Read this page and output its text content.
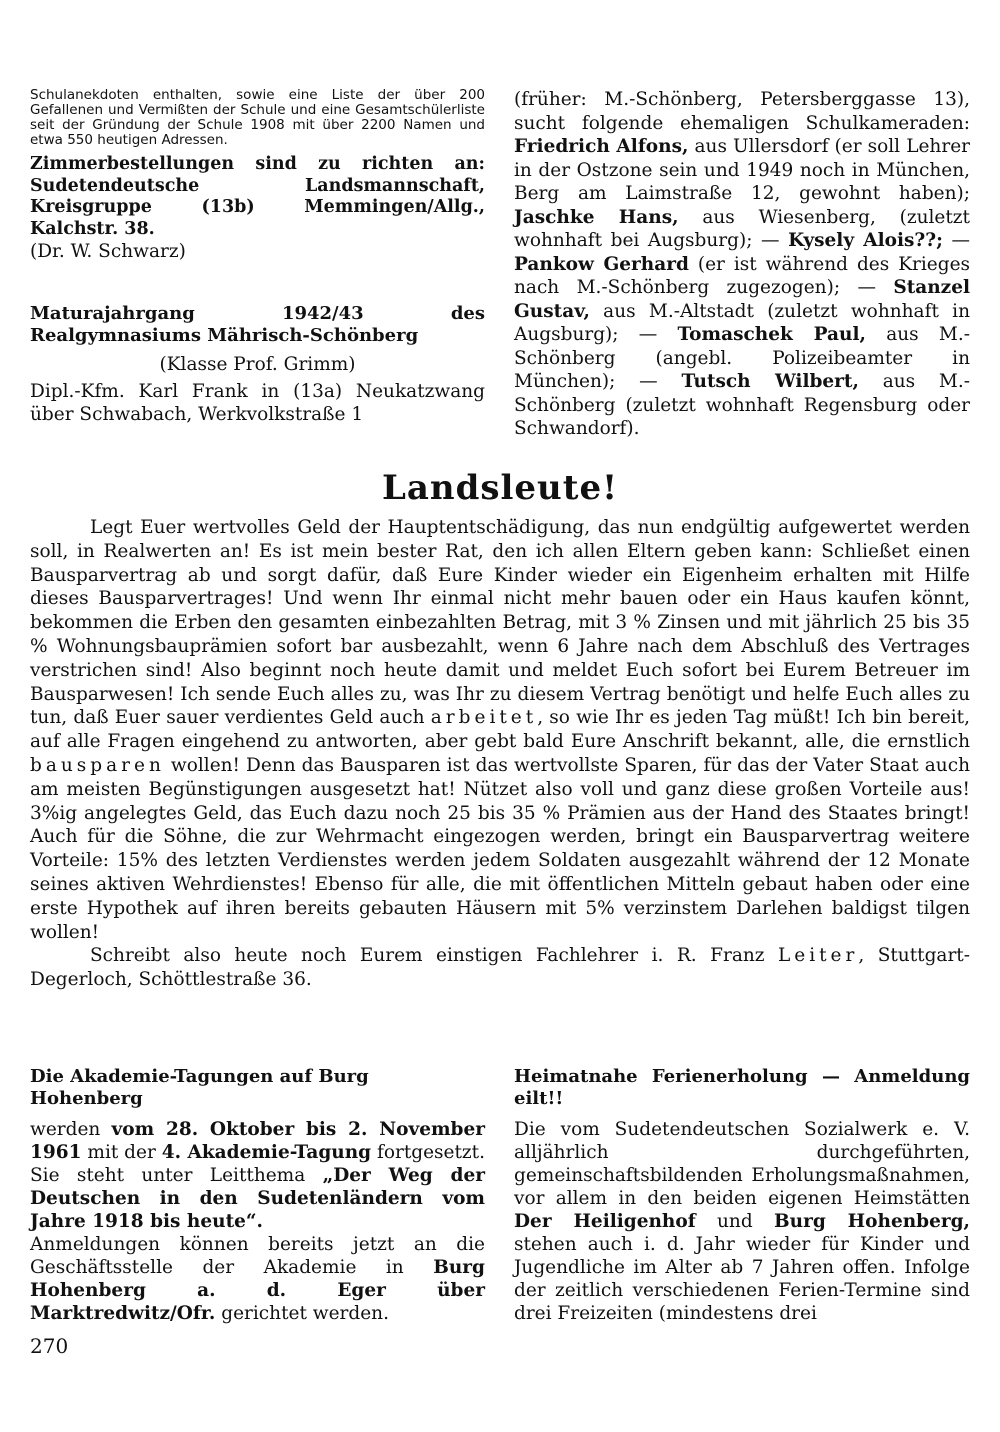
Schulanekdoten enthalten, sowie eine Liste der über 200 Gefallenen und Vermißten der Schule und eine Gesamtschülerliste seit der Gründung der Schule 1908 mit über 2200 Namen und etwa 550 heutigen Adressen.

Zimmerbestellungen sind zu richten an: Sudetendeutsche Landsmannschaft, Kreisgruppe (13b) Memmingen/Allg., Kalchstr. 38.

(Dr. W. Schwarz)

Maturajahrgang 1942/43 des Realgymnasiums Mährisch-Schönberg

(Klasse Prof. Grimm)

Dipl.-Kfm. Karl Frank in (13a) Neukatzwang über Schwabach, Werkvolkstraße 1

(früher: M.-Schönberg, Petersberggasse 13), sucht folgende ehemaligen Schulkameraden: Friedrich Alfons, aus Ullersdorf (er soll Lehrer in der Ostzone sein und 1949 noch in München, Berg am Laimstraße 12, gewohnt haben); Jaschke Hans, aus Wiesenberg, (zuletzt wohnhaft bei Augsburg); — Kysely Alois??; — Pankow Gerhard (er ist während des Krieges nach M.-Schönberg zugezogen); — Stanzel Gustav, aus M.-Altstadt (zuletzt wohnhaft in Augsburg); — Tomaschek Paul, aus M.-Schönberg (angebl. Polizeibeamter in München); — Tutsch Wilbert, aus M.-Schönberg (zuletzt wohnhaft Regensburg oder Schwandorf).
Landsleute!

Legt Euer wertvolles Geld der Hauptentschädigung, das nun endgültig aufgewertet werden soll, in Realwerten an! Es ist mein bester Rat, den ich allen Eltern geben kann: Schließet einen Bausparvertrag ab und sorgt dafür, daß Eure Kinder wieder ein Eigenheim erhalten mit Hilfe dieses Bausparvertrages! Und wenn Ihr einmal nicht mehr bauen oder ein Haus kaufen könnt, bekommen die Erben den gesamten einbezahlten Betrag, mit 3 % Zinsen und mit jährlich 25 bis 35 % Wohnungsbauprämien sofort bar ausbezahlt, wenn 6 Jahre nach dem Abschluß des Vertrages verstrichen sind! Also beginnt noch heute damit und meldet Euch sofort bei Eurem Betreuer im Bausparwesen! Ich sende Euch alles zu, was Ihr zu diesem Vertrag benötigt und helfe Euch alles zu tun, daß Euer sauer verdientes Geld auch arbeitet, so wie Ihr es jeden Tag müßt! Ich bin bereit, auf alle Fragen eingehend zu antworten, aber gebt bald Eure Anschrift bekannt, alle, die ernstlich bausparen wollen! Denn das Bausparen ist das wertvollste Sparen, für das der Vater Staat auch am meisten Begünstigungen ausgesetzt hat! Nützet also voll und ganz diese großen Vorteile aus! 3%ig angelegtes Geld, das Euch dazu noch 25 bis 35 % Prämien aus der Hand des Staates bringt! Auch für die Söhne, die zur Wehrmacht eingezogen werden, bringt ein Bausparvertrag weitere Vorteile: 15% des letzten Verdienstes werden jedem Soldaten ausgezahlt während der 12 Monate seines aktiven Wehrdienstes! Ebenso für alle, die mit öffentlichen Mitteln gebaut haben oder eine erste Hypothek auf ihren bereits gebauten Häusern mit 5% verzinstem Darlehen baldigst tilgen wollen!

Schreibt also heute noch Eurem einstigen Fachlehrer i. R. Franz Leiter, Stuttgart-Degerloch, Schöttlestraße 36.

Die Akademie-Tagungen auf Burg Hohenberg

werden vom 28. Oktober bis 2. November 1961 mit der 4. Akademie-Tagung fortgesetzt. Sie steht unter Leitthema „Der Weg der Deutschen in den Sudetenländern vom Jahre 1918 bis heute“.
Anmeldungen können bereits jetzt an die Geschäftsstelle der Akademie in Burg Hohenberg a. d. Eger über Marktredwitz/Ofr. gerichtet werden.

Heimatnahe Ferienerholung — Anmeldung eilt!!

Die vom Sudetendeutschen Sozialwerk e. V. alljährlich durchgeführten, gemeinschaftsbildenden Erholungsmaßnahmen, vor allem in den beiden eigenen Heimstätten Der Heiligenhof und Burg Hohenberg, stehen auch i. d. Jahr wieder für Kinder und Jugendliche im Alter ab 7 Jahren offen. Infolge der zeitlich verschiedenen Ferien-Termine sind drei Freizeiten (mindestens drei

270
